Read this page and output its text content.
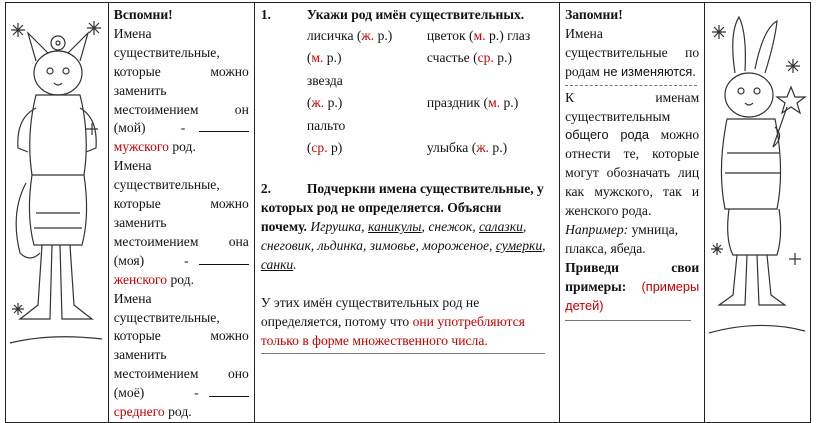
Вспомни!
Имена
существительные,
которые	можно
заменить
местоимением	он
(мой)	-
мужского род.
Имена
существительные,
которые	можно
заменить
местоимением она
(моя)	-
женского род.
Имена
существительные,
которые	можно
заменить
местоимением оно
(моё)	-
среднего род.

1.	Укажи род имён существительных.
лисичка (ж. р.)	цветок (м. р.) глаз
(м. р.)	счастье (ср. р.) звезда
(ж. р.)	праздник (м. р.) пальто
(ср. р)	улыбка (ж. р.)
2.	Подчеркни имена существительные, у
которых род не определяется. Объясни
почему. Игрушка, каникулы, снежок, салазки,
снеговик, льдинка, зимовье, мороженое, сумерки,
санки.
У этих имён существительных род не
определяется, потому что они употребляются
только в форме множественного числа.

Запомни!
Имена
существительные по
родам не изменяются.
К	именам
существительным
общего рода можно
отнести те, которые
могут обозначать лиц
как мужского, так и
женского рода.
Например: умница,
плакса, ябеда.
Приведи	свои
примеры: (примеры
детей)
